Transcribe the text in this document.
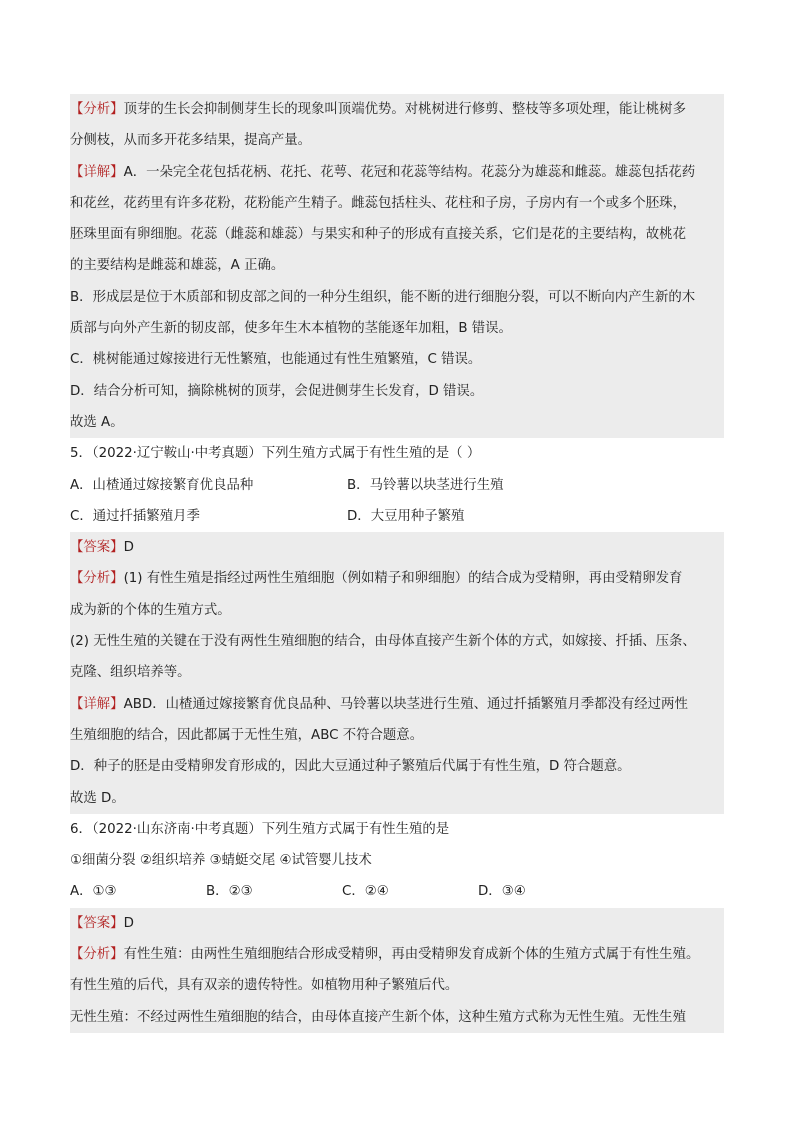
【分析】顶芽的生长会抑制侧芽生长的现象叫顶端优势。对桃树进行修剪、整枝等多项处理，能让桃树多
分侧枝，从而多开花多结果，提高产量。
【详解】A．一朵完全花包括花柄、花托、花萼、花冠和花蕊等结构。花蕊分为雄蕊和雌蕊。雄蕊包括花药
和花丝，花药里有许多花粉，花粉能产生精子。雌蕊包括柱头、花柱和子房，子房内有一个或多个胚珠，
胚珠里面有卵细胞。花蕊（雌蕊和雄蕊）与果实和种子的形成有直接关系，它们是花的主要结构，故桃花
的主要结构是雌蕊和雄蕊，A 正确。
B．形成层是位于木质部和韧皮部之间的一种分生组织，能不断的进行细胞分裂，可以不断向内产生新的木
质部与向外产生新的韧皮部，使多年生木本植物的茎能逐年加粗，B 错误。
C．桃树能通过嫁接进行无性繁殖，也能通过有性生殖繁殖，C 错误。
D．结合分析可知，摘除桃树的顶芽，会促进侧芽生长发育，D 错误。
故选 A。
5．（2022·辽宁鞍山·中考真题）下列生殖方式属于有性生殖的是（ ）
A．山楂通过嫁接繁育优良品种	B．马铃薯以块茎进行生殖
C．通过扦插繁殖月季	D．大豆用种子繁殖
【答案】D
【分析】(1) 有性生殖是指经过两性生殖细胞（例如精子和卵细胞）的结合成为受精卵，再由受精卵发育
成为新的个体的生殖方式。
(2) 无性生殖的关键在于没有两性生殖细胞的结合，由母体直接产生新个体的方式，如嫁接、扦插、压条、
克隆、组织培养等。
【详解】ABD．山楂通过嫁接繁育优良品种、马铃薯以块茎进行生殖、通过扦插繁殖月季都没有经过两性
生殖细胞的结合，因此都属于无性生殖，ABC 不符合题意。
D．种子的胚是由受精卵发育形成的，因此大豆通过种子繁殖后代属于有性生殖，D 符合题意。
故选 D。
6．（2022·山东济南·中考真题）下列生殖方式属于有性生殖的是
①细菌分裂 ②组织培养 ③蜻蜓交尾 ④试管婴儿技术
A．①③	B．②③	C．②④	D．③④
【答案】D
【分析】有性生殖：由两性生殖细胞结合形成受精卵，再由受精卵发育成新个体的生殖方式属于有性生殖。
有性生殖的后代，具有双亲的遗传特性。如植物用种子繁殖后代。
无性生殖：不经过两性生殖细胞的结合，由母体直接产生新个体，这种生殖方式称为无性生殖。无性生殖
